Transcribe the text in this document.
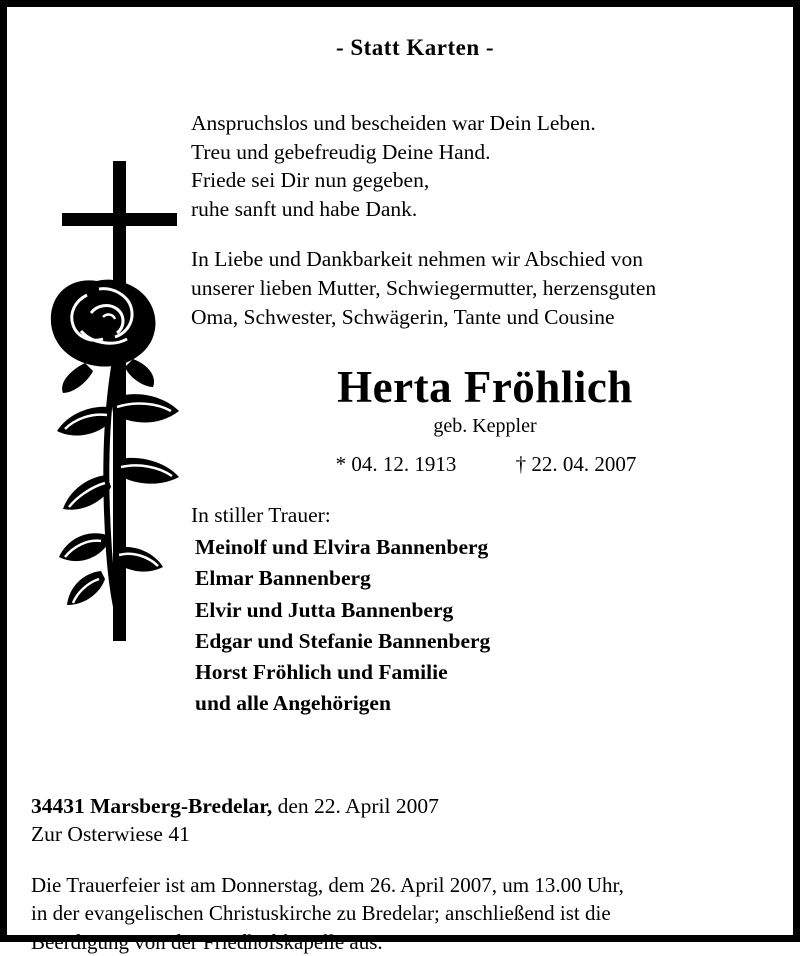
- Statt Karten -
Anspruchslos und bescheiden war Dein Leben.
Treu und gebefreudig Deine Hand.
Friede sei Dir nun gegeben,
ruhe sanft und habe Dank.
In Liebe und Dankbarkeit nehmen wir Abschied von
unserer lieben Mutter, Schwiegermutter, herzensguten
Oma, Schwester, Schwägerin, Tante und Cousine
Herta Fröhlich
geb. Keppler
* 04. 12. 1913	† 22. 04. 2007
In stiller Trauer:
Meinolf und Elvira Bannenberg
Elmar Bannenberg
Elvir und Jutta Bannenberg
Edgar und Stefanie Bannenberg
Horst Fröhlich und Familie
und alle Angehörigen
34431 Marsberg-Bredelar, den 22. April 2007
Zur Osterwiese 41
Die Trauerfeier ist am Donnerstag, dem 26. April 2007, um 13.00 Uhr,
in der evangelischen Christuskirche zu Bredelar; anschließend ist die
Beerdigung von der Friedhofskapelle aus.
